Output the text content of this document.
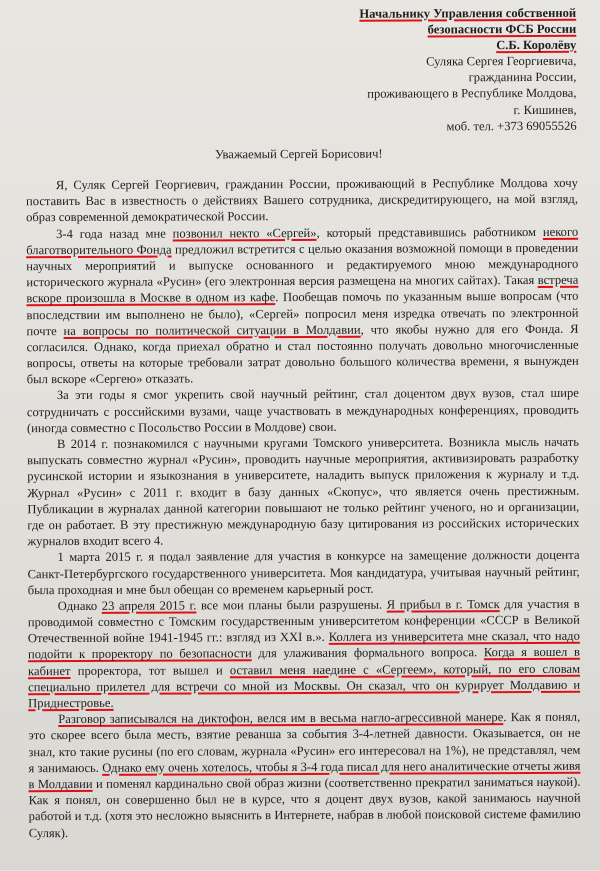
Начальнику Управления собственной
безопасности ФСБ России
С.Б. Королёву
Суляка Сергея Георгиевича,
гражданина России,
проживающего в Республике Молдова,
г. Кишинев,
моб. тел. +373 69055526
Уважаемый Сергей Борисович!

Я, Суляк Сергей Георгиевич, гражданин России, проживающий в Республике Молдова хочу поставить Вас в известность о действиях Вашего сотрудника, дискредитирующего, на мой взгляд, образ современной демократической России.

3-4 года назад мне позвонил некто «Сергей», который представившись работником некого благотворительного Фонда предложил встретится с целью оказания возможной помощи в проведении научных мероприятий и выпуске основанного и редактируемого мною международного исторического журнала «Русин» (его электронная версия размещена на многих сайтах). Такая встреча вскоре произошла в Москве в одном из кафе. Пообещав помочь по указанным выше вопросам (что впоследствии им выполнено не было), «Сергей» попросил меня изредка отвечать по электронной почте на вопросы по политической ситуации в Молдавии, что якобы нужно для его Фонда. Я согласился. Однако, когда приехал обратно и стал постоянно получать довольно многочисленные вопросы, ответы на которые требовали затрат довольно большого количества времени, я вынужден был вскоре «Сергею» отказать.

За эти годы я смог укрепить свой научный рейтинг, стал доцентом двух вузов, стал шире сотрудничать с российскими вузами, чаще участвовать в международных конференциях, проводить (иногда совместно с Посольство России в Молдове) свои.

В 2014 г. познакомился с научными кругами Томского университета. Возникла мысль начать выпускать совместно журнал «Русин», проводить научные мероприятия, активизировать разработку русинской истории и языкознания в университете, наладить выпуск приложения к журналу и т.д. Журнал «Русин» с 2011 г. входит в базу данных «Скопус», что является очень престижным. Публикации в журналах данной категории повышают не только рейтинг ученого, но и организации, где он работает. В эту престижную международную базу цитирования из российских исторических журналов входит всего 4.

1 марта 2015 г. я подал заявление для участия в конкурсе на замещение должности доцента Санкт-Петербургского государственного университета. Моя кандидатура, учитывая научный рейтинг, была проходная и мне был обещан со временем карьерный рост.

Однако 23 апреля 2015 г. все мои планы были разрушены. Я прибыл в г. Томск для участия в проводимой совместно с Томским государственным университетом конференции «СССР в Великой Отечественной войне 1941-1945 гг.: взгляд из XXI в.». Коллега из университета мне сказал, что надо подойти к проректору по безопасности для улаживания формального вопроса. Когда я вошел в кабинет проректора, тот вышел и оставил меня наедине с «Сергеем», который, по его словам специально прилетел для встречи со мной из Москвы. Он сказал, что он курирует Молдавию и Приднестровье.

Разговор записывался на диктофон, велся им в весьма нагло-агрессивной манере. Как я понял, это скорее всего была месть, взятие реванша за события 3-4-летней давности. Оказывается, он не знал, кто такие русины (по его словам, журнала «Русин» его интересовал на 1%), не представлял, чем я занимаюсь. Однако ему очень хотелось, чтобы я 3-4 года писал для него аналитические отчеты живя в Молдавии и поменял кардинально свой образ жизни (соответственно прекратил заниматься наукой). Как я понял, он совершенно был не в курсе, что я доцент двух вузов, какой занимаюсь научной работой и т.д. (хотя это несложно выяснить в Интернете, набрав в любой поисковой системе фамилию Суляк).
